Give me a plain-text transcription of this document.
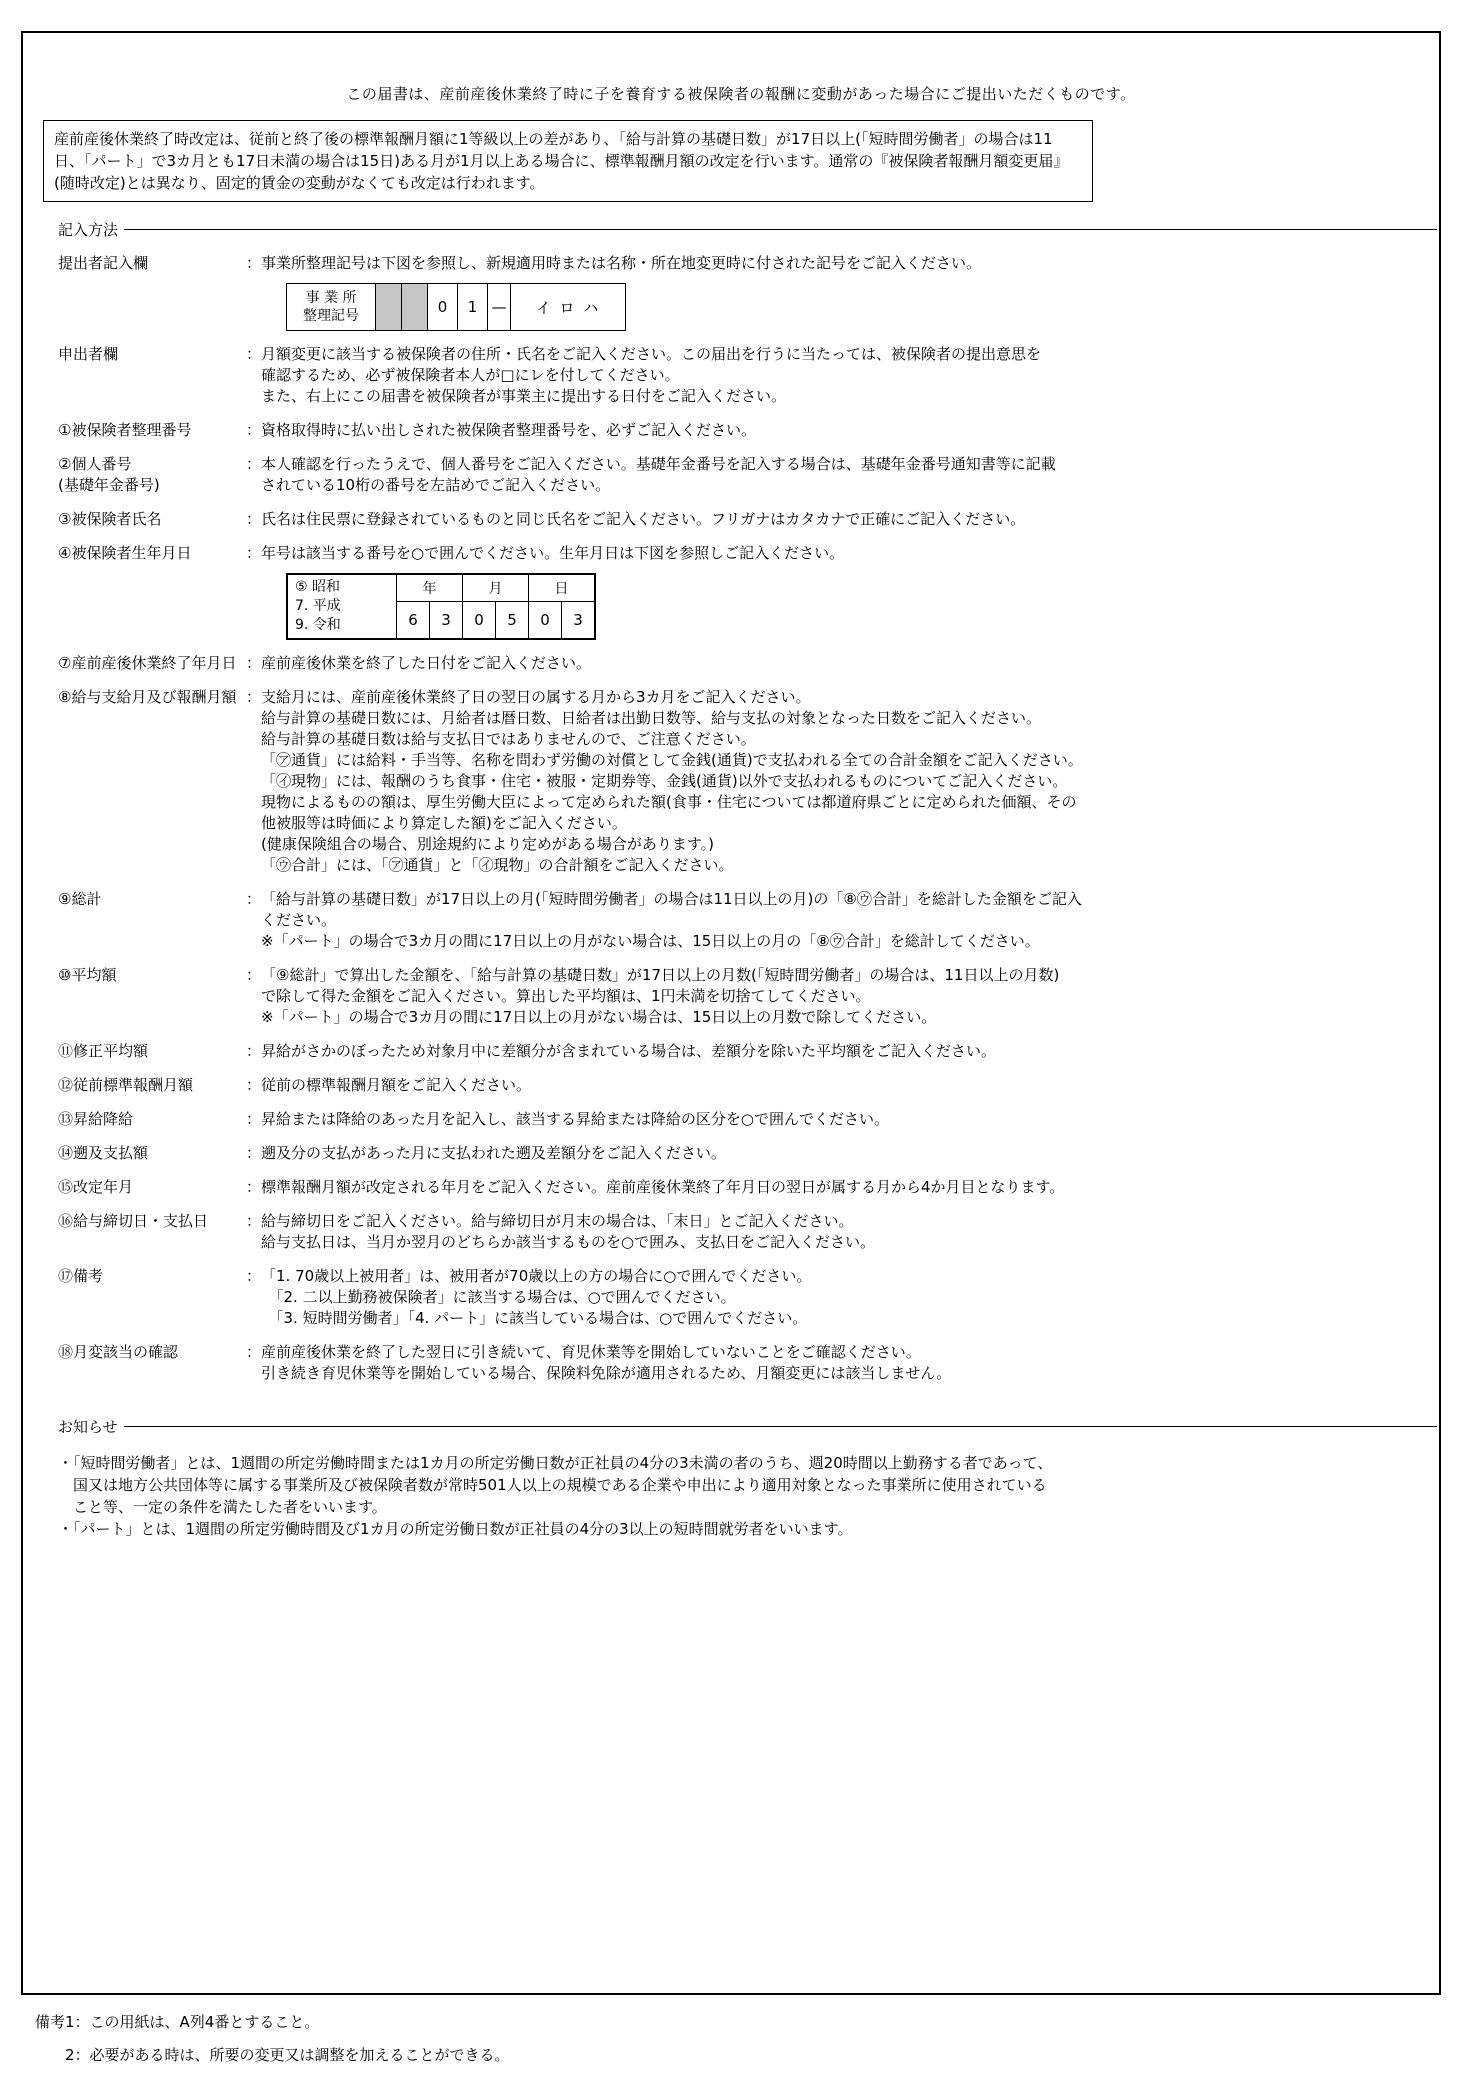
この届書は、産前産後休業終了時に子を養育する被保険者の報酬に変動があった場合にご提出いただくものです。
産前産後休業終了時改定は、従前と終了後の標準報酬月額に1等級以上の差があり、「給与計算の基礎日数」が17日以上(「短時間労働者」の場合は11日、「パート」で3カ月とも17日未満の場合は15日)ある月が1月以上ある場合に、標準報酬月額の改定を行います。通常の『被保険者報酬月額変更届』(随時改定)とは異なり、固定的賃金の変動がなくても改定は行われます。
記入方法
提出者記入欄	： 事業所整理記号は下図を参照し、新規適用時または名称・所在地変更時に付された記号をご記入ください。
事 業 所
整理記号			0	1	—	イ ロ ハ
申出者欄	： 月額変更に該当する被保険者の住所・氏名をご記入ください。この届出を行うに当たっては、被保険者の提出意思を
確認するため、必ず被保険者本人が□にレを付してください。
また、右上にこの届書を被保険者が事業主に提出する日付をご記入ください。
①被保険者整理番号	： 資格取得時に払い出しされた被保険者整理番号を、必ずご記入ください。
②個人番号
(基礎年金番号)
： 本人確認を行ったうえで、個人番号をご記入ください。基礎年金番号を記入する場合は、基礎年金番号通知書等に記載
されている10桁の番号を左詰めでご記入ください。
③被保険者氏名	： 氏名は住民票に登録されているものと同じ氏名をご記入ください。フリガナはカタカナで正確にご記入ください。
④被保険者生年月日	： 年号は該当する番号を○で囲んでください。生年月日は下図を参照しご記入ください。
⑤ 昭和
7. 平成
9. 令和	年		月		日	
	6	3	0	5	0	3
⑦産前産後休業終了年月日 ： 産前産後休業を終了した日付をご記入ください。
⑧給与支給月及び報酬月額 ： 支給月には、産前産後休業終了日の翌日の属する月から3カ月をご記入ください。
給与計算の基礎日数には、月給者は暦日数、日給者は出勤日数等、給与支払の対象となった日数をご記入ください。
給与計算の基礎日数は給与支払日ではありませんので、ご注意ください。
「㋐通貨」には給料・手当等、名称を問わず労働の対償として金銭(通貨)で支払われる全ての合計金額をご記入ください。
「㋑現物」には、報酬のうち食事・住宅・被服・定期券等、金銭(通貨)以外で支払われるものについてご記入ください。
現物によるものの額は、厚生労働大臣によって定められた額(食事・住宅については都道府県ごとに定められた価額、その
他被服等は時価により算定した額)をご記入ください。
(健康保険組合の場合、別途規約により定めがある場合があります。)
「㋒合計」には、「㋐通貨」と「㋑現物」の合計額をご記入ください。
⑨総計	： 「給与計算の基礎日数」が17日以上の月(「短時間労働者」の場合は11日以上の月)の「⑧㋒合計」を総計した金額をご記入
ください。
※「パート」の場合で3カ月の間に17日以上の月がない場合は、15日以上の月の「⑧㋒合計」を総計してください。
⑩平均額	： 「⑨総計」で算出した金額を、「給与計算の基礎日数」が17日以上の月数(「短時間労働者」の場合は、11日以上の月数)
で除して得た金額をご記入ください。算出した平均額は、1円未満を切捨てしてください。
※「パート」の場合で3カ月の間に17日以上の月がない場合は、15日以上の月数で除してください。
⑪修正平均額	： 昇給がさかのぼったため対象月中に差額分が含まれている場合は、差額分を除いた平均額をご記入ください。
⑫従前標準報酬月額	： 従前の標準報酬月額をご記入ください。
⑬昇給降給	： 昇給または降給のあった月を記入し、該当する昇給または降給の区分を○で囲んでください。
⑭遡及支払額	： 遡及分の支払があった月に支払われた遡及差額分をご記入ください。
⑮改定年月	： 標準報酬月額が改定される年月をご記入ください。産前産後休業終了年月日の翌日が属する月から4か月目となります。
⑯給与締切日・支払日	： 給与締切日をご記入ください。給与締切日が月末の場合は、「末日」とご記入ください。
給与支払日は、当月か翌月のどちらか該当するものを○で囲み、支払日をご記入ください。
⑰備考	： 「1. 70歳以上被用者」は、被用者が70歳以上の方の場合に○で囲んでください。
　「2. 二以上勤務被保険者」に該当する場合は、○で囲んでください。
　「3. 短時間労働者」「4. パート」に該当している場合は、○で囲んでください。
⑱月変該当の確認	： 産前産後休業を終了した翌日に引き続いて、育児休業等を開始していないことをご確認ください。
引き続き育児休業等を開始している場合、保険料免除が適用されるため、月額変更には該当しません。
お知らせ
・「短時間労働者」とは、1週間の所定労働時間または1カ月の所定労働日数が正社員の4分の3未満の者のうち、週20時間以上勤務する者であって、
　国又は地方公共団体等に属する事業所及び被保険者数が常時501人以上の規模である企業や申出により適用対象となった事業所に使用されている
　こと等、一定の条件を満たした者をいいます。
・「パート」とは、1週間の所定労働時間及び1カ月の所定労働日数が正社員の4分の3以上の短時間就労者をいいます。
備考1：この用紙は、A列4番とすること。
　　2：必要がある時は、所要の変更又は調整を加えることができる。
